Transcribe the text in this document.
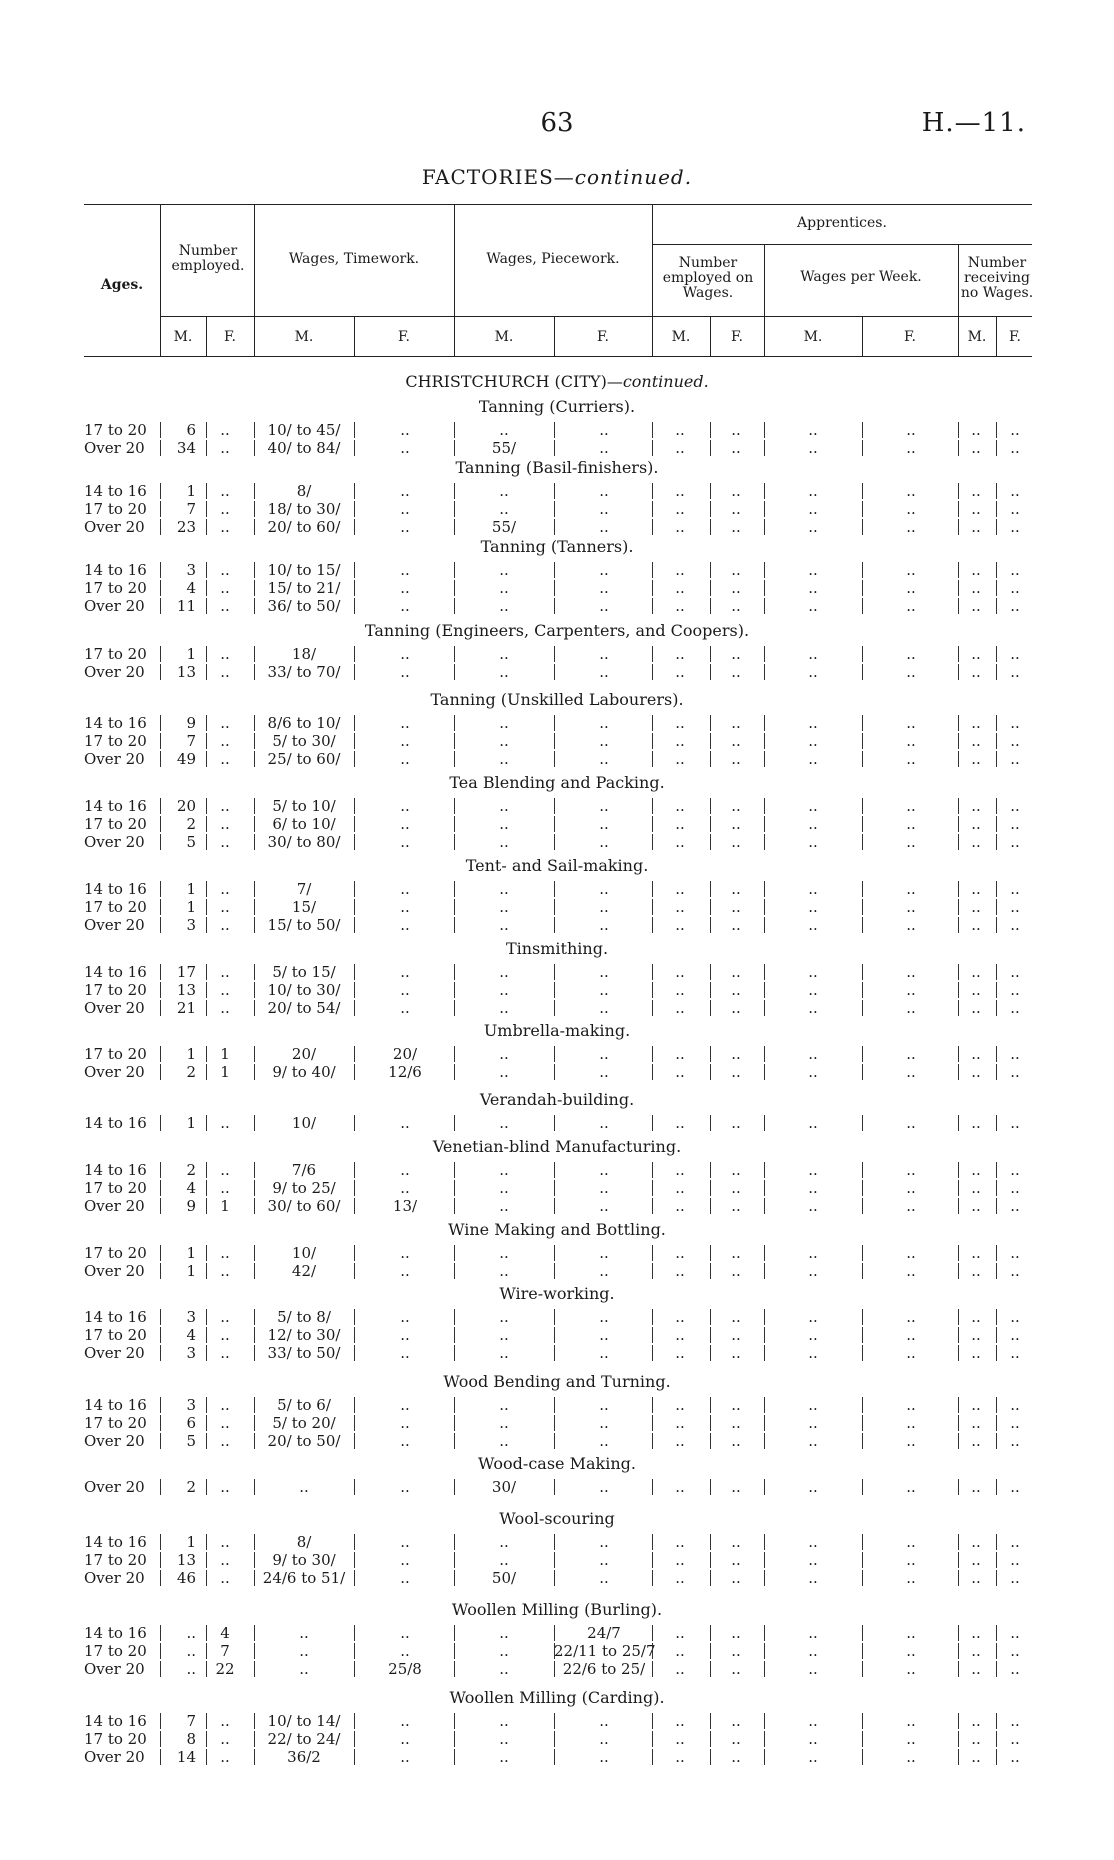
63	H.—11.
FACTORIES—continued.
Ages.
Number employed.	Wages, Timework.	Wages, Piecework.
Apprentices.
Number employed on Wages.
Wages per Week.
Number receiving no Wages.
M.	F.	M.	F.	M.	F.	M.	F.	M.	F.	M.	F.
CHRISTCHURCH (CITY)—continued.
Tanning (Curriers).
17 to 20	6	..	10/ to 45/	..	..	..	..	..	..	..	..	..
Over 20	34	..	40/ to 84/	..	55/	..	..	..	..	..	..	..
Tanning (Basil-finishers).
14 to 16	1	..	8/	..	..	..	..	..	..	..	..	..
17 to 20	7	..	18/ to 30/	..	..	..	..	..	..	..	..	..
Over 20	23	..	20/ to 60/	..	55/	..	..	..	..	..	..	..
Tanning (Tanners).
14 to 16	3	..	10/ to 15/	..	..	..	..	..	..	..	..	..
17 to 20	4	..	15/ to 21/	..	..	..	..	..	..	..	..	..
Over 20	11	..	36/ to 50/	..	..	..	..	..	..	..	..	..
Tanning (Engineers, Carpenters, and Coopers).
17 to 20	1	..	18/	..	..	..	..	..	..	..	..	..
Over 20	13	..	33/ to 70/	..	..	..	..	..	..	..	..	..
Tanning (Unskilled Labourers).
14 to 16	9	..	8/6 to 10/	..	..	..	..	..	..	..	..	..
17 to 20	7	..	5/ to 30/	..	..	..	..	..	..	..	..	..
Over 20	49	..	25/ to 60/	..	..	..	..	..	..	..	..	..
Tea Blending and Packing.
14 to 16	20	..	5/ to 10/	..	..	..	..	..	..	..	..	..
17 to 20	2	..	6/ to 10/	..	..	..	..	..	..	..	..	..
Over 20	5	..	30/ to 80/	..	..	..	..	..	..	..	..	..
Tent- and Sail-making.
14 to 16	1	..	7/	..	..	..	..	..	..	..	..	..
17 to 20	1	..	15/	..	..	..	..	..	..	..	..	..
Over 20	3	..	15/ to 50/	..	..	..	..	..	..	..	..	..
Tinsmithing.
14 to 16	17	..	5/ to 15/	..	..	..	..	..	..	..	..	..
17 to 20	13	..	10/ to 30/	..	..	..	..	..	..	..	..	..
Over 20	21	..	20/ to 54/	..	..	..	..	..	..	..	..	..
Umbrella-making.
17 to 20	1	1	20/	20/	..	..	..	..	..	..	..	..
Over 20	2	1	9/ to 40/	12/6	..	..	..	..	..	..	..	..
Verandah-building.
14 to 16	1	..	10/	..	..	..	..	..	..	..	..	..
Venetian-blind Manufacturing.
14 to 16	2	..	7/6	..	..	..	..	..	..	..	..	..
17 to 20	4	..	9/ to 25/	..	..	..	..	..	..	..	..	..
Over 20	9	1	30/ to 60/	13/	..	..	..	..	..	..	..	..
Wine Making and Bottling.
17 to 20	1	..	10/	..	..	..	..	..	..	..	..	..
Over 20	1	..	42/	..	..	..	..	..	..	..	..	..
Wire-working.
14 to 16	3	..	5/ to 8/	..	..	..	..	..	..	..	..	..
17 to 20	4	..	12/ to 30/	..	..	..	..	..	..	..	..	..
Over 20	3	..	33/ to 50/	..	..	..	..	..	..	..	..	..
Wood Bending and Turning.
14 to 16	3	..	5/ to 6/	..	..	..	..	..	..	..	..	..
17 to 20	6	..	5/ to 20/	..	..	..	..	..	..	..	..	..
Over 20	5	..	20/ to 50/	..	..	..	..	..	..	..	..	..
Wood-case Making.
Over 20	2	..	..	..	30/	..	..	..	..	..	..	..
Wool-scouring
14 to 16	1	..	8/	..	..	..	..	..	..	..	..	..
17 to 20	13	..	9/ to 30/	..	..	..	..	..	..	..	..	..
Over 20	46	..	24/6 to 51/	..	50/	..	..	..	..	..	..	..
Woollen Milling (Burling).
14 to 16	..	4	..	..	..	24/7	..	..	..	..	..	..
17 to 20	..	7	..	..	..	22/11 to 25/7	..	..	..	..	..	..
Over 20	..	22	..	25/8	..	22/6 to 25/	..	..	..	..	..	..
Woollen Milling (Carding).
14 to 16	7	..	10/ to 14/	..	..	..	..	..	..	..	..	..
17 to 20	8	..	22/ to 24/	..	..	..	..	..	..	..	..	..
Over 20	14	..	36/2	..	..	..	..	..	..	..	..	..
